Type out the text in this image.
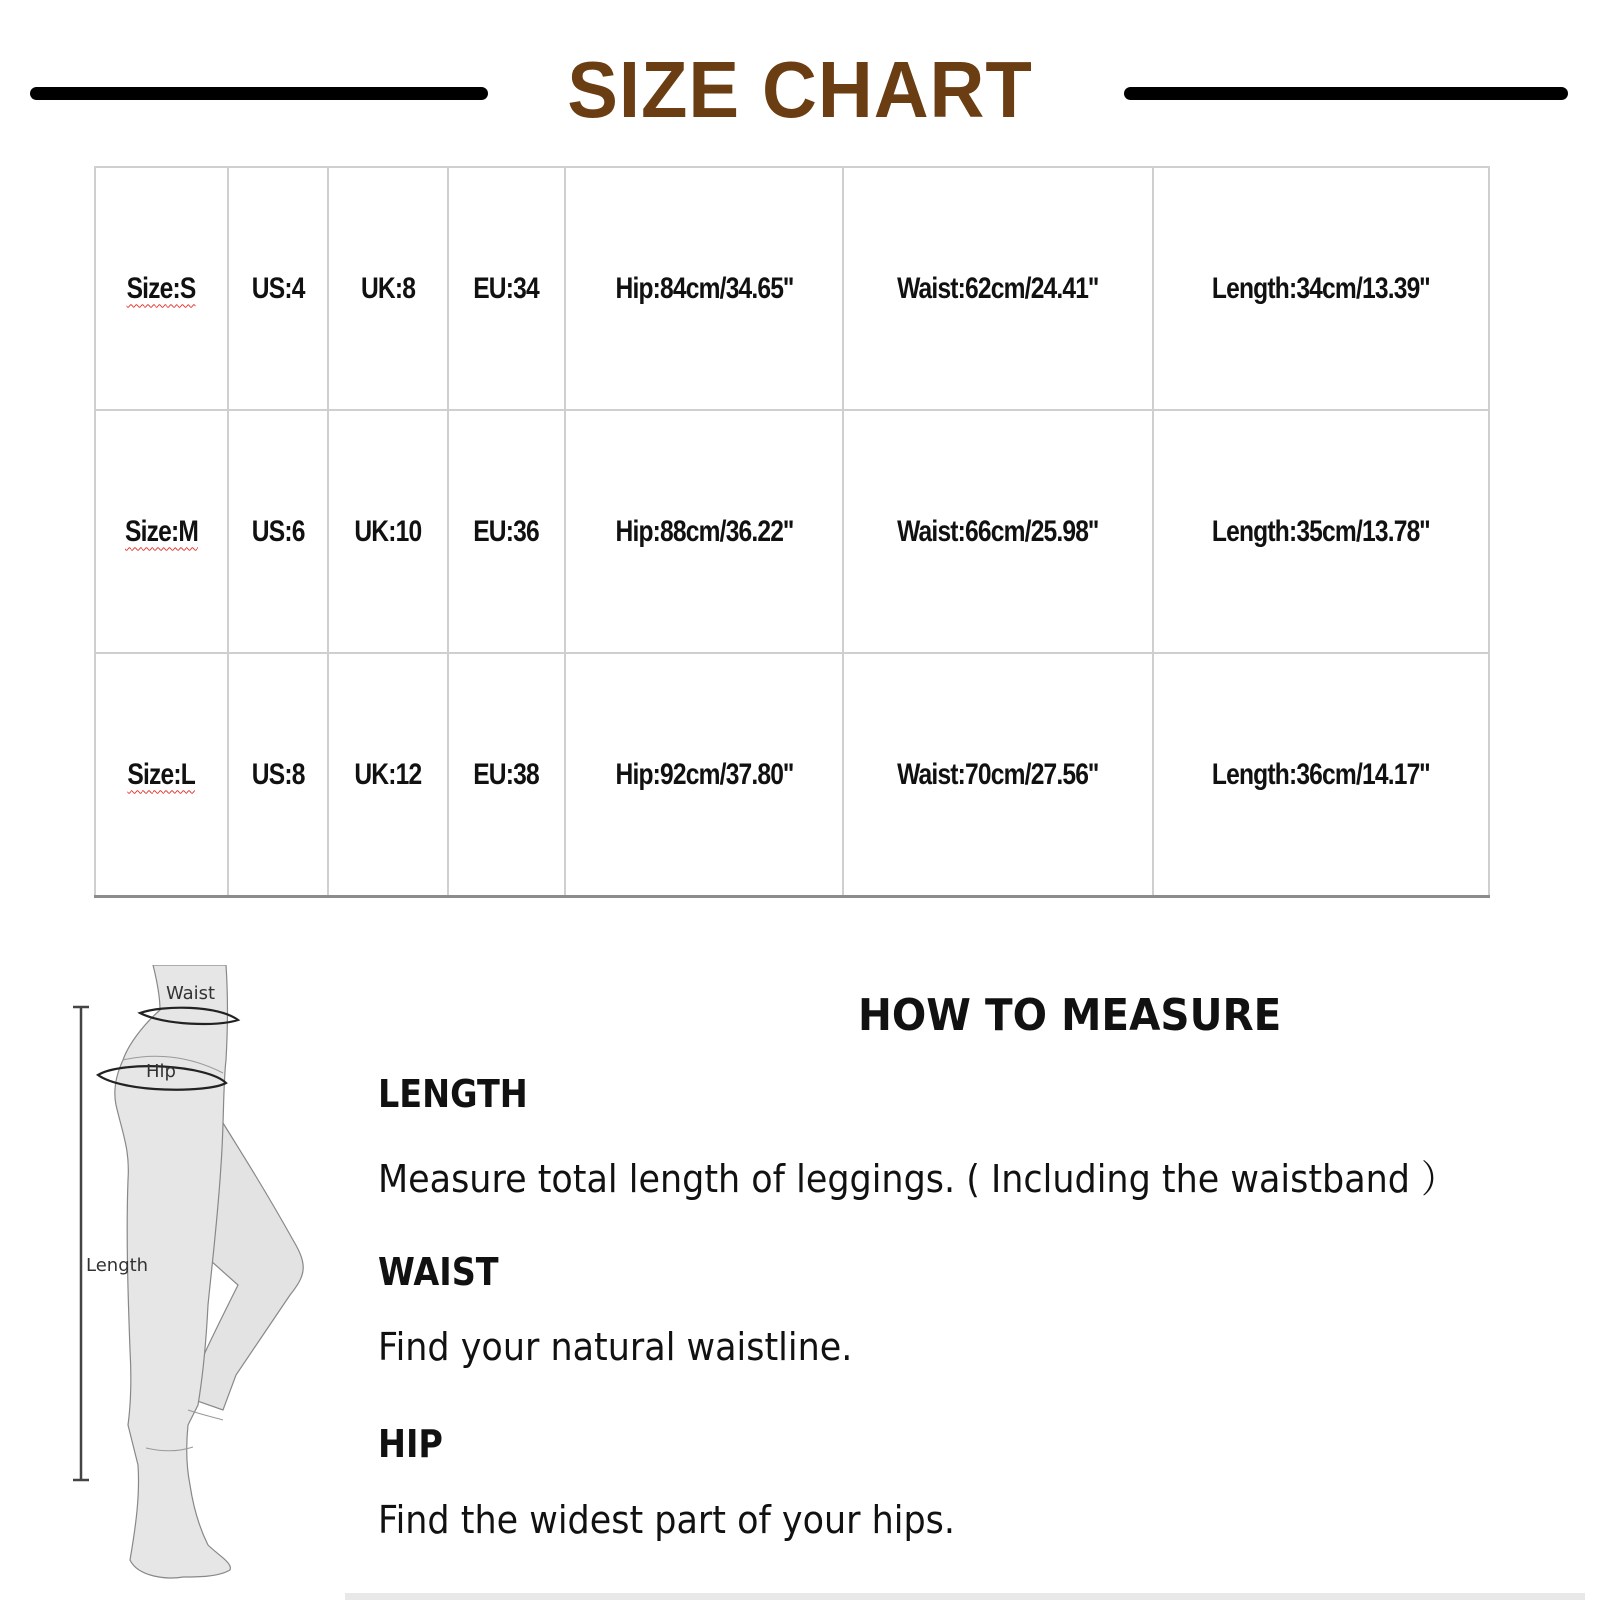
SIZE CHART
Size:S	US:4	UK:8	EU:34	Hip:84cm/34.65''	Waist:62cm/24.41''	Length:34cm/13.39''
Size:M	US:6	UK:10	EU:36	Hip:88cm/36.22''	Waist:66cm/25.98''	Length:35cm/13.78''
Size:L	US:8	UK:12	EU:38	Hip:92cm/37.80''	Waist:70cm/27.56''	Length:36cm/14.17''
Waist
Hip
Length
HOW TO MEASURE
LENGTH
Measure total length of leggings. ( Including the waistband ）
WAIST
Find your natural waistline.
HIP
Find the widest part of your hips.
